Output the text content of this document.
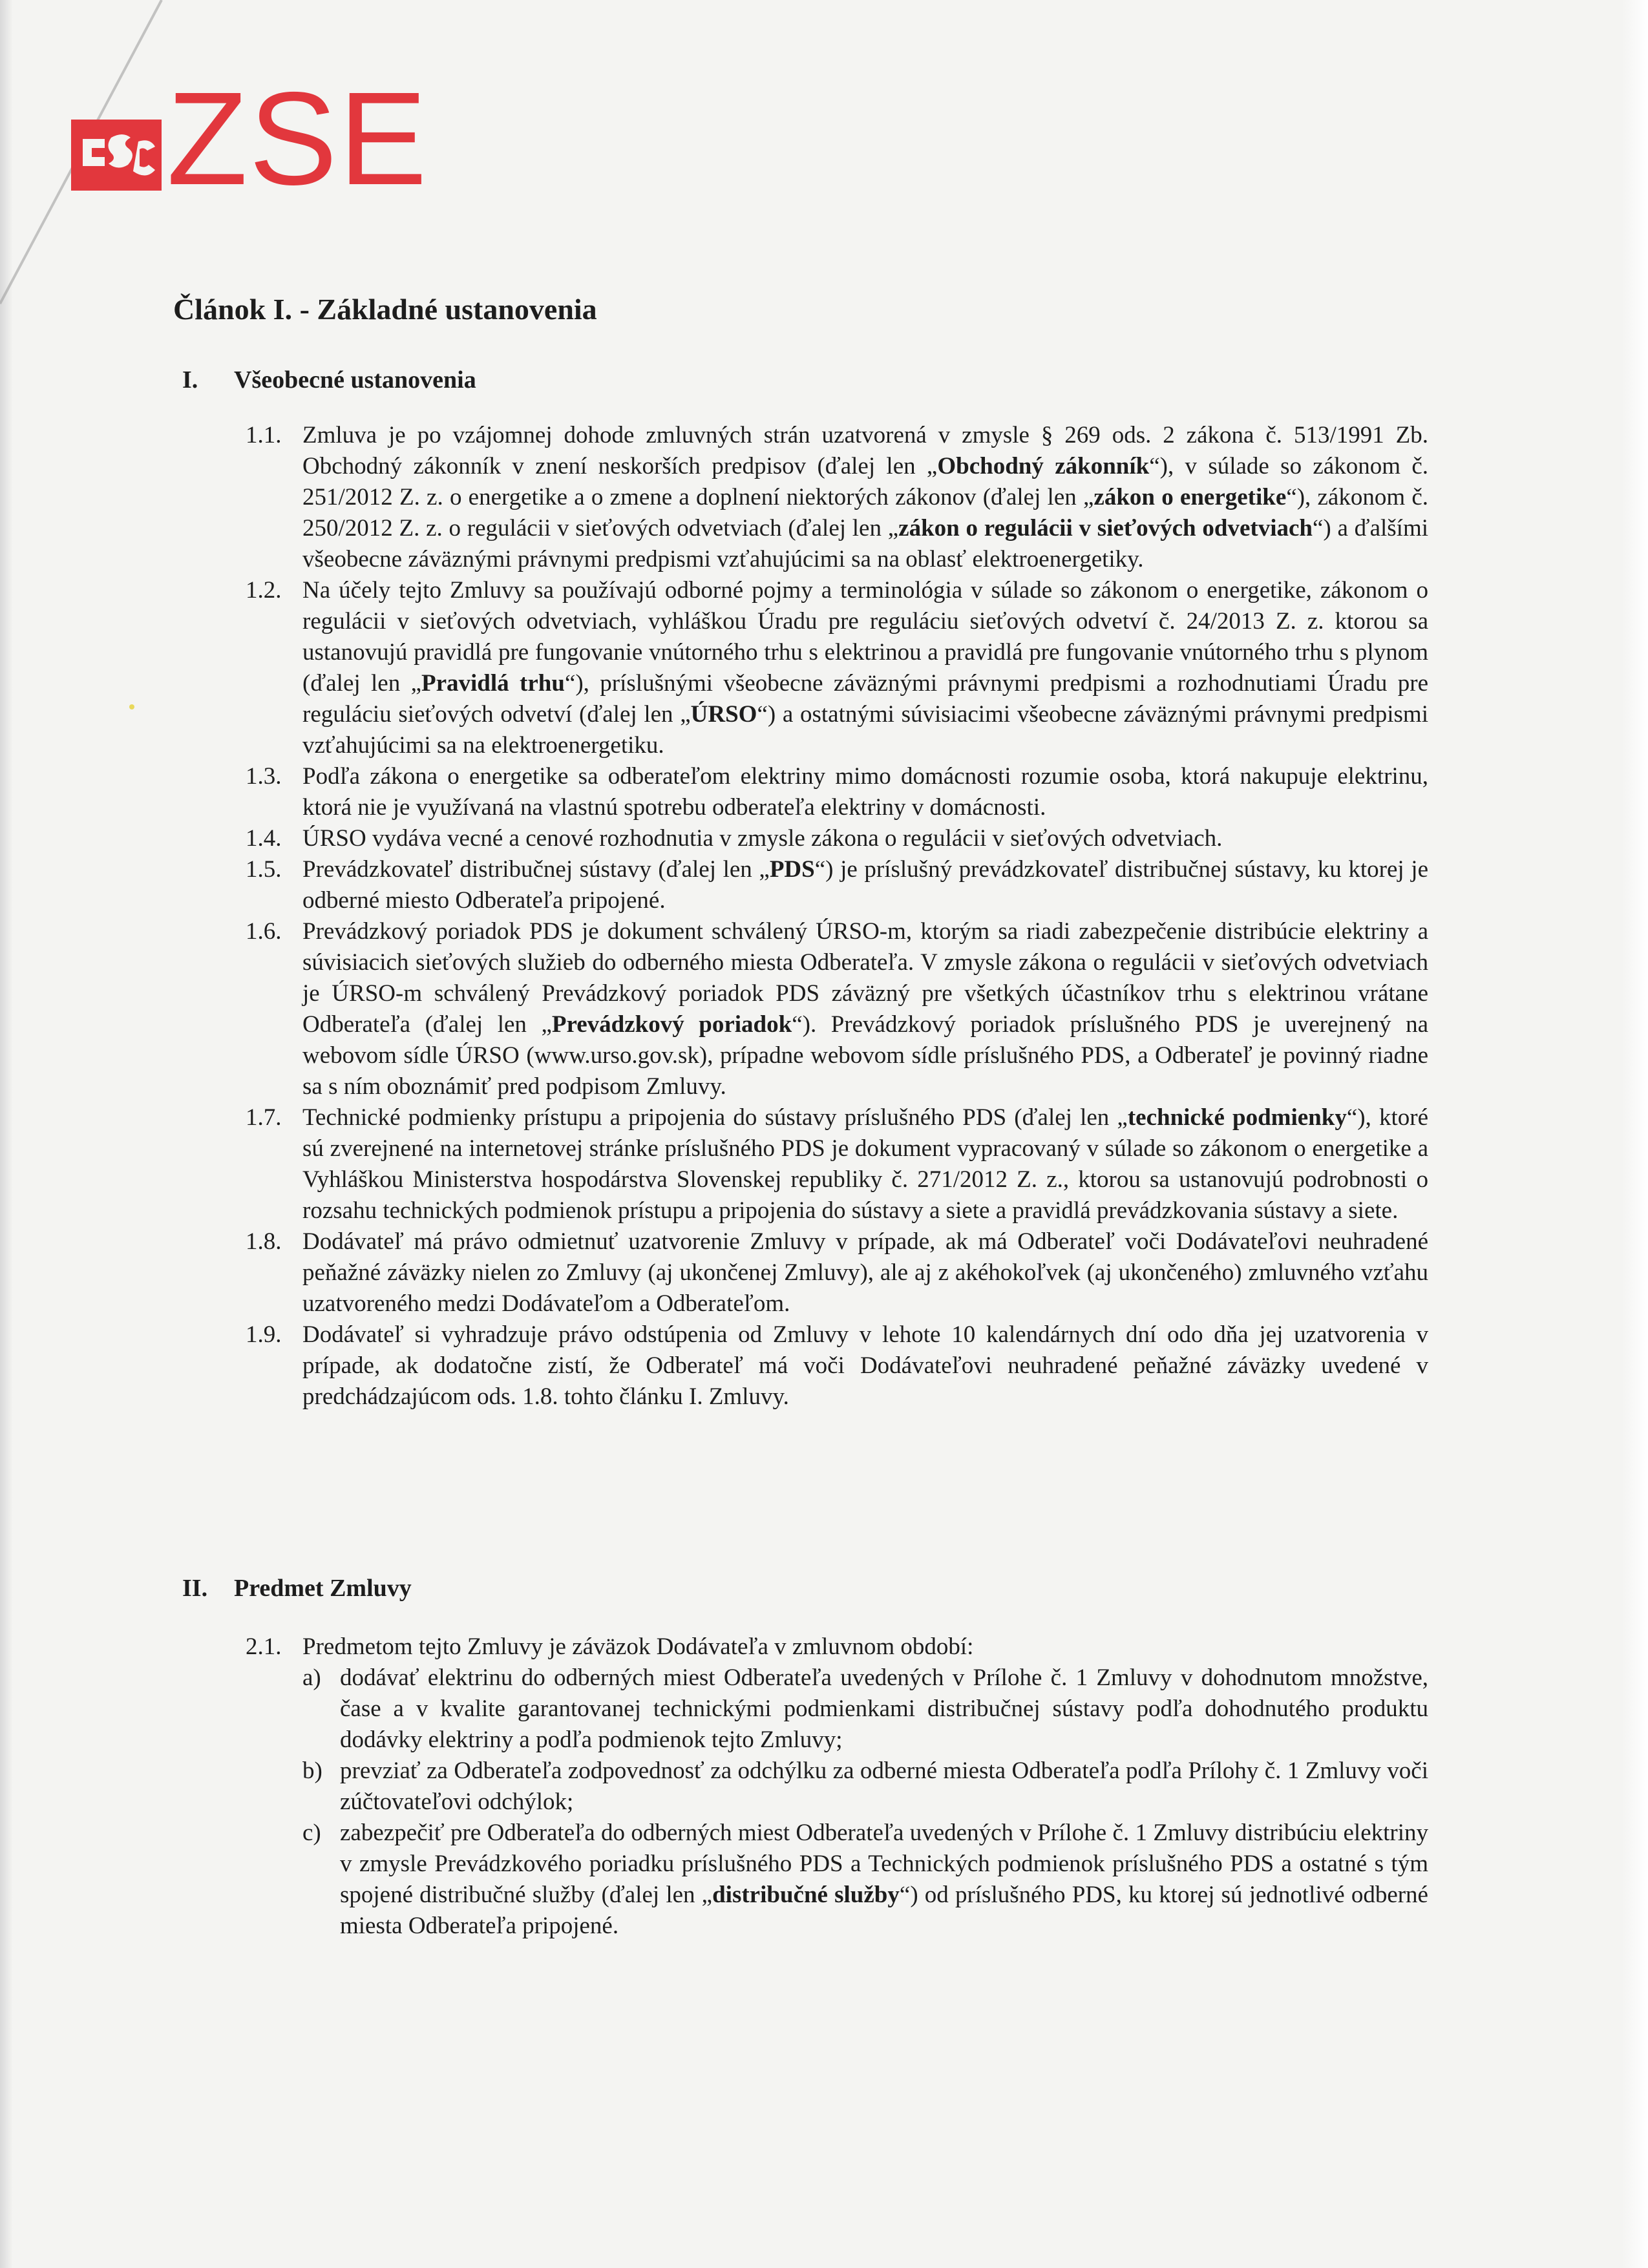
ZSE
Článok I. - Základné ustanovenia
I. Všeobecné ustanovenia
1.1. Zmluva je po vzájomnej dohode zmluvných strán uzatvorená v zmysle § 269 ods. 2 zákona č. 513/1991 Zb. Obchodný zákonník v znení neskorších predpisov (ďalej len „Obchodný zákonník“), v súlade so zákonom č. 251/2012 Z. z. o energetike a o zmene a doplnení niektorých zákonov (ďalej len „zákon o energetike“), zákonom č. 250/2012 Z. z. o regulácii v sieťových odvetviach (ďalej len „zákon o regulácii v sieťových odvetviach“) a ďalšími všeobecne záväznými právnymi predpismi vzťahujúcimi sa na oblasť elektroenergetiky.
1.2. Na účely tejto Zmluvy sa používajú odborné pojmy a terminológia v súlade so zákonom o energetike, zákonom o regulácii v sieťových odvetviach, vyhláškou Úradu pre reguláciu sieťových odvetví č. 24/2013 Z. z. ktorou sa ustanovujú pravidlá pre fungovanie vnútorného trhu s elektrinou a pravidlá pre fungovanie vnútorného trhu s plynom (ďalej len „Pravidlá trhu“), príslušnými všeobecne záväznými právnymi predpismi a rozhodnutiami Úradu pre reguláciu sieťových odvetví (ďalej len „ÚRSO“) a ostatnými súvisiacimi všeobecne záväznými právnymi predpismi vzťahujúcimi sa na elektroenergetiku.
1.3. Podľa zákona o energetike sa odberateľom elektriny mimo domácnosti rozumie osoba, ktorá nakupuje elektrinu, ktorá nie je využívaná na vlastnú spotrebu odberateľa elektriny v domácnosti.
1.4. ÚRSO vydáva vecné a cenové rozhodnutia v zmysle zákona o regulácii v sieťových odvetviach.
1.5. Prevádzkovateľ distribučnej sústavy (ďalej len „PDS“) je príslušný prevádzkovateľ distribučnej sústavy, ku ktorej je odberné miesto Odberateľa pripojené.
1.6. Prevádzkový poriadok PDS je dokument schválený ÚRSO-m, ktorým sa riadi zabezpečenie distribúcie elektriny a súvisiacich sieťových služieb do odberného miesta Odberateľa. V zmysle zákona o regulácii v sieťových odvetviach je ÚRSO-m schválený Prevádzkový poriadok PDS záväzný pre všetkých účastníkov trhu s elektrinou vrátane Odberateľa (ďalej len „Prevádzkový poriadok“). Prevádzkový poriadok príslušného PDS je uverejnený na webovom sídle ÚRSO (www.urso.gov.sk), prípadne webovom sídle príslušného PDS, a Odberateľ je povinný riadne sa s ním oboznámiť pred podpisom Zmluvy.
1.7. Technické podmienky prístupu a pripojenia do sústavy príslušného PDS (ďalej len „technické podmienky“), ktoré sú zverejnené na internetovej stránke príslušného PDS je dokument vypracovaný v súlade so zákonom o energetike a Vyhláškou Ministerstva hospodárstva Slovenskej republiky č. 271/2012 Z. z., ktorou sa ustanovujú podrobnosti o rozsahu technických podmienok prístupu a pripojenia do sústavy a siete a pravidlá prevádzkovania sústavy a siete.
1.8. Dodávateľ má právo odmietnuť uzatvorenie Zmluvy v prípade, ak má Odberateľ voči Dodávateľovi neuhradené peňažné záväzky nielen zo Zmluvy (aj ukončenej Zmluvy), ale aj z akéhokoľvek (aj ukončeného) zmluvného vzťahu uzatvoreného medzi Dodávateľom a Odberateľom.
1.9. Dodávateľ si vyhradzuje právo odstúpenia od Zmluvy v lehote 10 kalendárnych dní odo dňa jej uzatvorenia v prípade, ak dodatočne zistí, že Odberateľ má voči Dodávateľovi neuhradené peňažné záväzky uvedené v predchádzajúcom ods. 1.8. tohto článku I. Zmluvy.
II. Predmet Zmluvy
2.1. Predmetom tejto Zmluvy je záväzok Dodávateľa v zmluvnom období:
a) dodávať elektrinu do odberných miest Odberateľa uvedených v Prílohe č. 1 Zmluvy v dohodnutom množstve, čase a v kvalite garantovanej technickými podmienkami distribučnej sústavy podľa dohodnutého produktu dodávky elektriny a podľa podmienok tejto Zmluvy;
b) prevziať za Odberateľa zodpovednosť za odchýlku za odberné miesta Odberateľa podľa Prílohy č. 1 Zmluvy voči zúčtovateľovi odchýlok;
c) zabezpečiť pre Odberateľa do odberných miest Odberateľa uvedených v Prílohe č. 1 Zmluvy distribúciu elektriny v zmysle Prevádzkového poriadku príslušného PDS a Technických podmienok príslušného PDS a ostatné s tým spojené distribučné služby (ďalej len „distribučné služby“) od príslušného PDS, ku ktorej sú jednotlivé odberné miesta Odberateľa pripojené.
